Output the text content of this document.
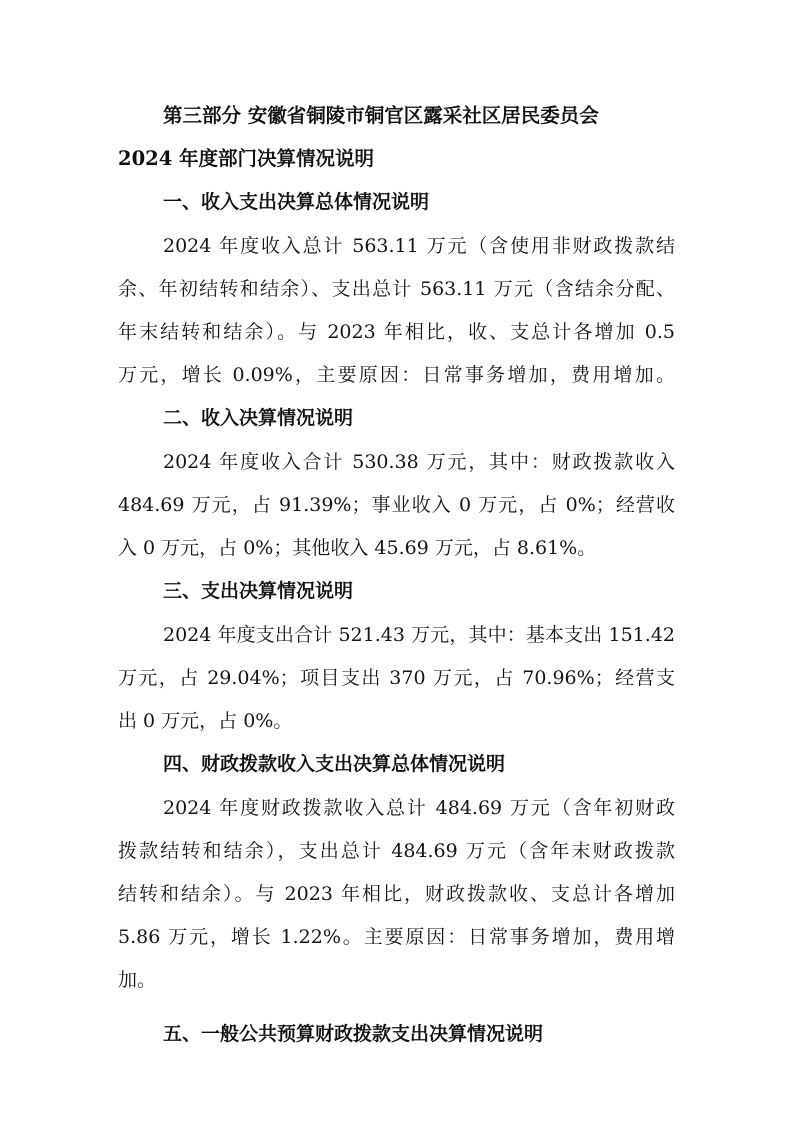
第三部分 安徽省铜陵市铜官区露采社区居民委员会
2024 年度部门决算情况说明
一、收入支出决算总体情况说明
2024 年度收入总计 563.11 万元（含使用非财政拨款结
余、年初结转和结余）、支出总计 563.11 万元（含结余分配、
年末结转和结余）。与 2023 年相比，收、支总计各增加 0.5
万元，增长 0.09%，主要原因：日常事务增加，费用增加。
二、收入决算情况说明
2024 年度收入合计 530.38 万元，其中：财政拨款收入
484.69 万元，占 91.39%；事业收入 0 万元，占 0%；经营收
入 0 万元，占 0%；其他收入 45.69 万元，占 8.61%。
三、支出决算情况说明
2024 年度支出合计 521.43 万元，其中：基本支出 151.42
万元，占 29.04%；项目支出 370 万元，占 70.96%；经营支
出 0 万元，占 0%。
四、财政拨款收入支出决算总体情况说明
2024 年度财政拨款收入总计 484.69 万元（含年初财政
拨款结转和结余），支出总计 484.69 万元（含年末财政拨款
结转和结余）。与 2023 年相比，财政拨款收、支总计各增加
5.86 万元，增长 1.22%。主要原因：日常事务增加，费用增
加。
五、一般公共预算财政拨款支出决算情况说明
